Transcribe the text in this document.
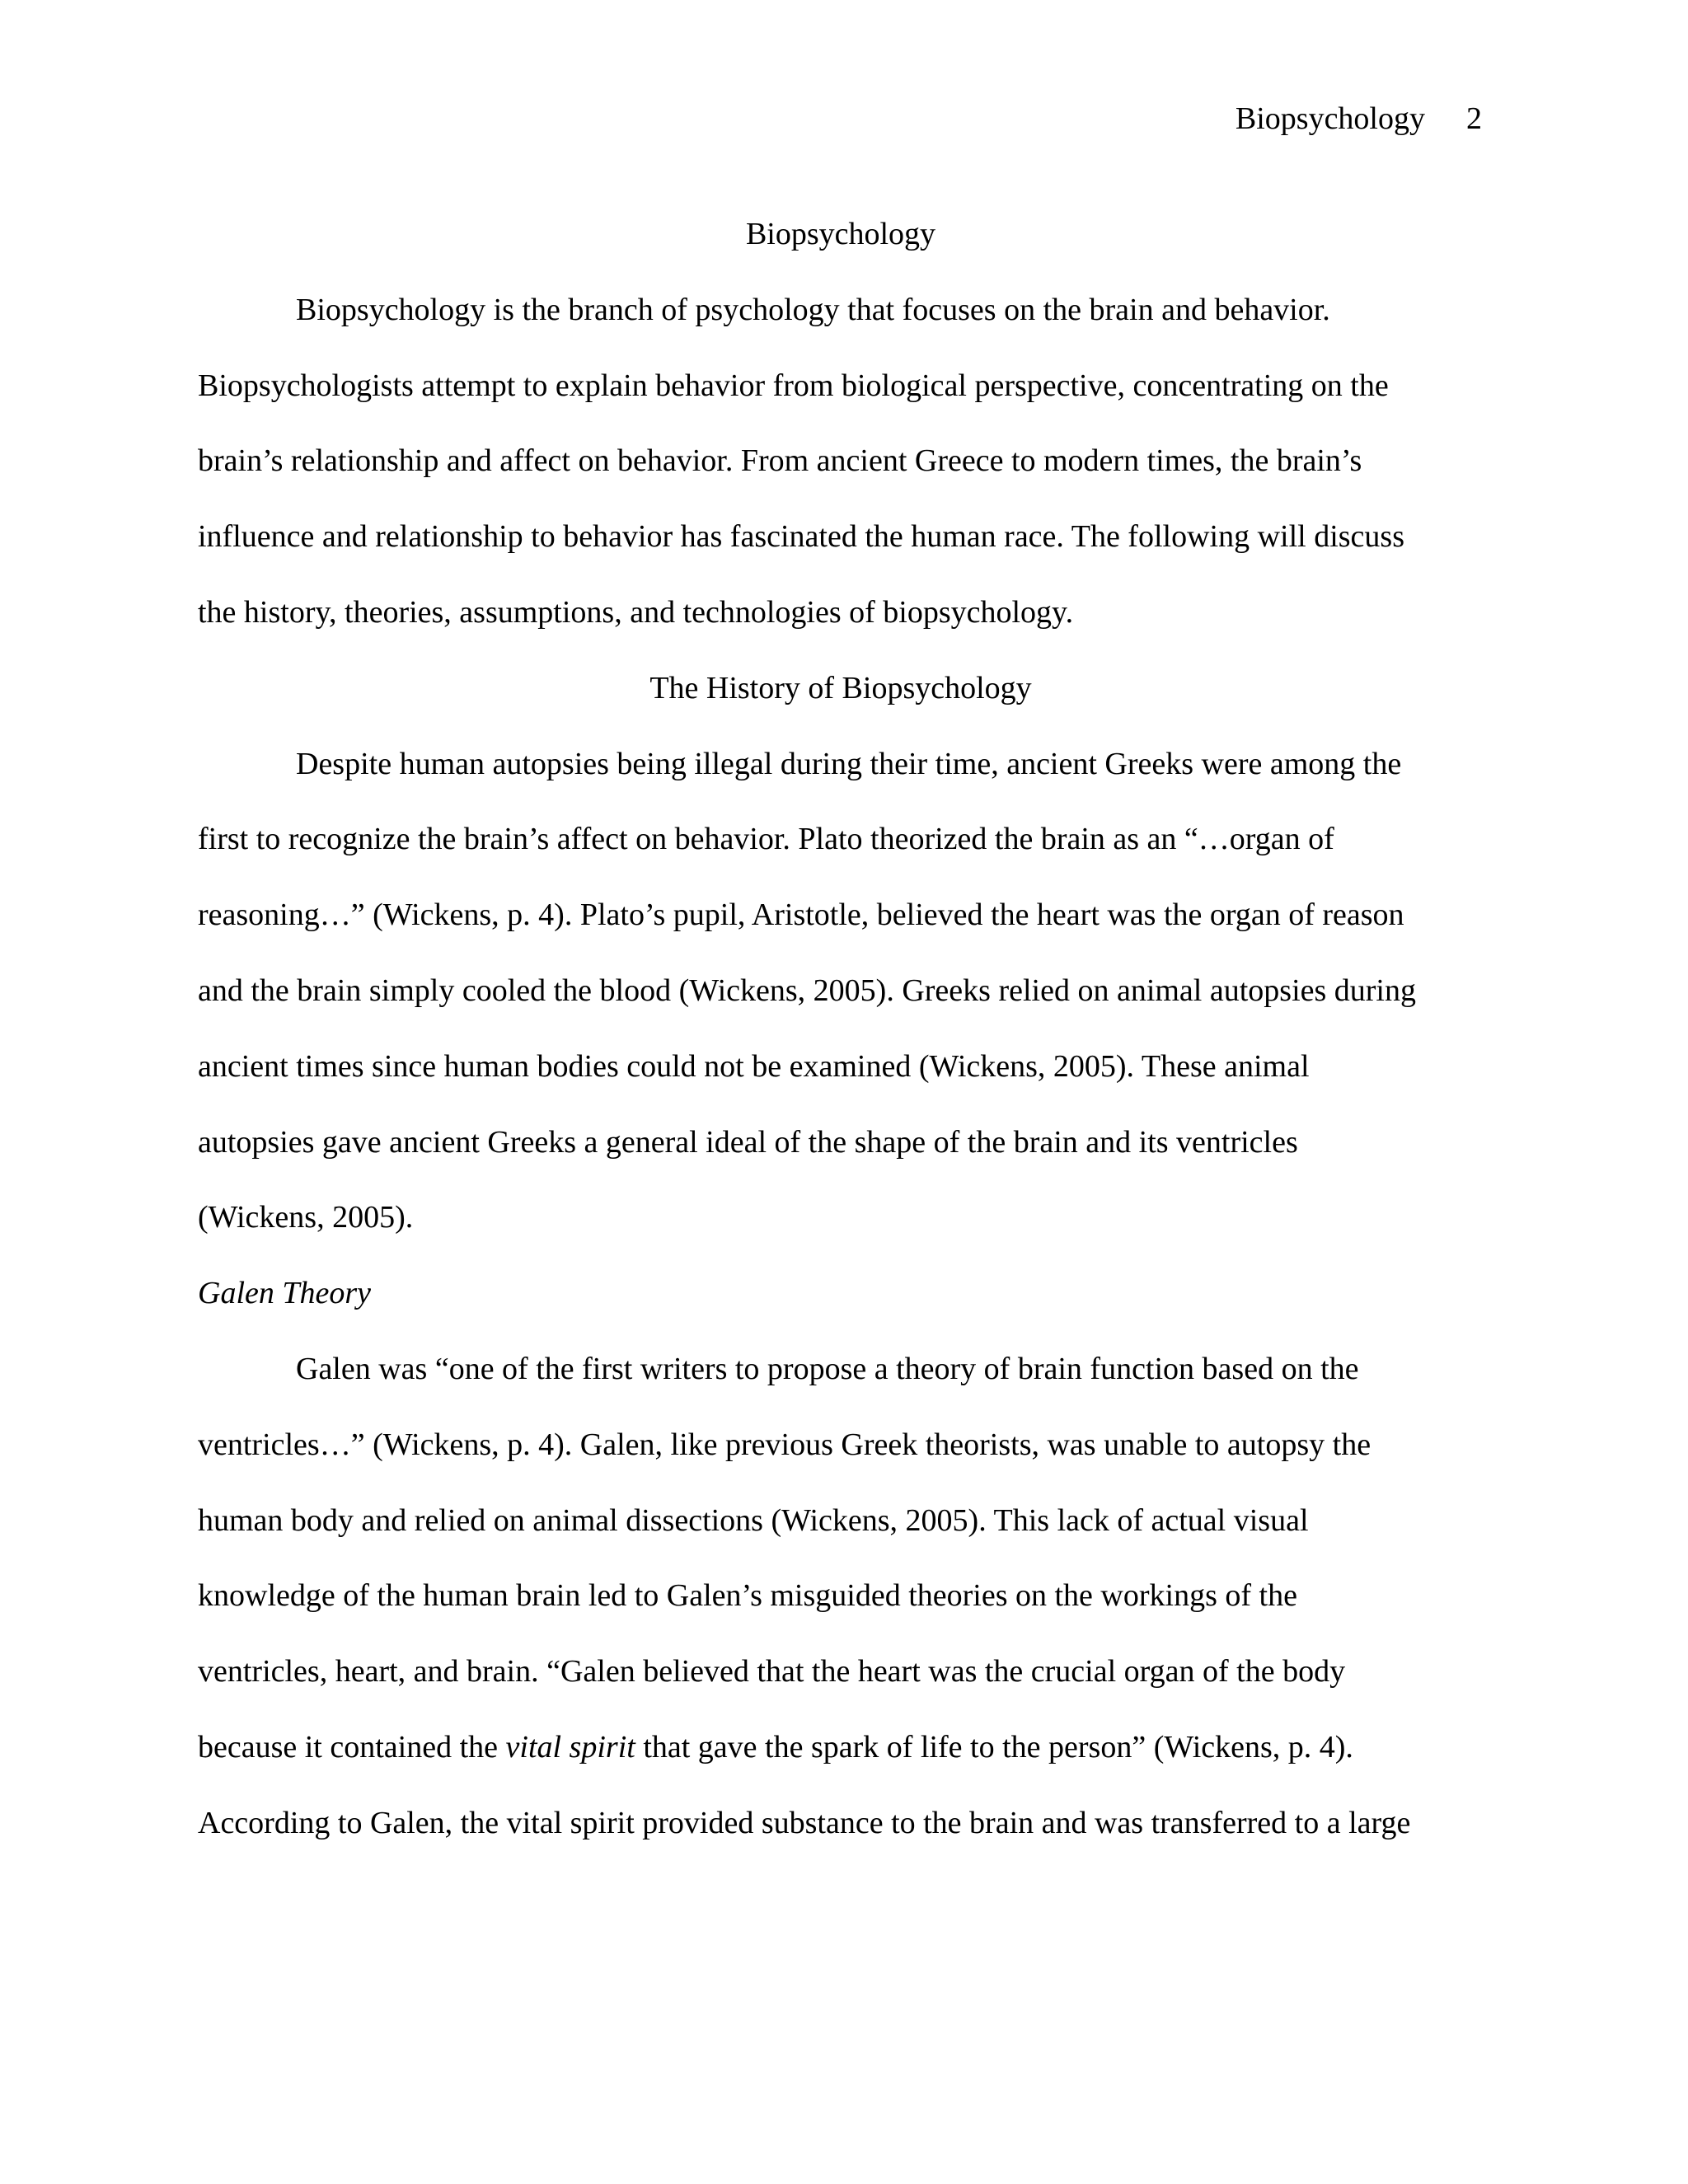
Biopsychology 2
Biopsychology

Biopsychology is the branch of psychology that focuses on the brain and behavior.
Biopsychologists attempt to explain behavior from biological perspective, concentrating on the
brain’s relationship and affect on behavior. From ancient Greece to modern times, the brain’s
influence and relationship to behavior has fascinated the human race. The following will discuss
the history, theories, assumptions, and technologies of biopsychology.

The History of Biopsychology

Despite human autopsies being illegal during their time, ancient Greeks were among the
first to recognize the brain’s affect on behavior. Plato theorized the brain as an “…organ of
reasoning…” (Wickens, p. 4). Plato’s pupil, Aristotle, believed the heart was the organ of reason
and the brain simply cooled the blood (Wickens, 2005). Greeks relied on animal autopsies during
ancient times since human bodies could not be examined (Wickens, 2005). These animal
autopsies gave ancient Greeks a general ideal of the shape of the brain and its ventricles
(Wickens, 2005).

Galen Theory

Galen was “one of the first writers to propose a theory of brain function based on the
ventricles…” (Wickens, p. 4). Galen, like previous Greek theorists, was unable to autopsy the
human body and relied on animal dissections (Wickens, 2005). This lack of actual visual
knowledge of the human brain led to Galen’s misguided theories on the workings of the
ventricles, heart, and brain. “Galen believed that the heart was the crucial organ of the body
because it contained the vital spirit that gave the spark of life to the person” (Wickens, p. 4).
According to Galen, the vital spirit provided substance to the brain and was transferred to a large
